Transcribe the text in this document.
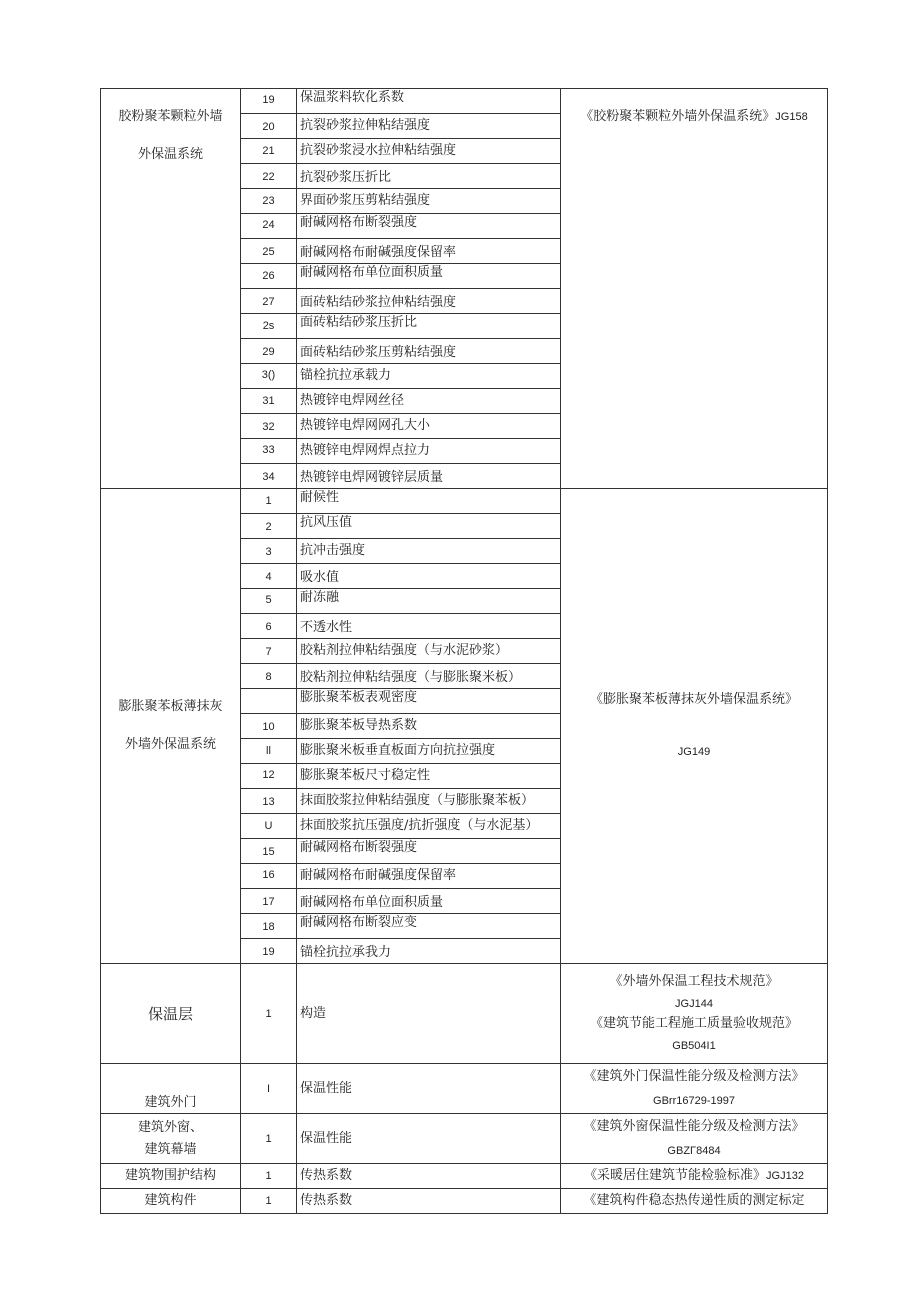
胶粉聚苯颗粒外墙
外保温系统	19	保温浆料软化系数	《胶粉聚苯颗粒外墙外保温系统》JG158
	20	抗裂砂浆拉伸粘结强度	
	21	抗裂砂浆浸水拉伸粘结强度	
	22	抗裂砂浆压折比	
	23	界面砂浆压剪粘结强度	
	24	耐碱网格布断裂强度	
	25	耐碱网格布耐碱强度保留率	
	26	耐碱网格布单位面积质量	
	27	面砖粘结砂浆拉伸粘结强度	
	2s	面砖粘结砂浆压折比	
	29	面砖粘结砂浆压剪粘结强度	
	3()	锚栓抗拉承载力	
	31	热镀锌电焊网丝径	
	32	热镀锌电焊网网孔大小	
	33	热镀锌电焊网焊点拉力	
	34	热镀锌电焊网镀锌层质量	
膨胀聚苯板薄抹灰
外墙外保温系统	1	耐候性	《膨胀聚苯板薄抹灰外墙保温系统》
JG149

	2	抗风压值	
	3	抗冲击强度	
	4	吸水值	
	5	耐冻融	
	6	不透水性	
	7	胶粘剂拉伸粘结强度（与水泥砂浆）	
	8	胶粘剂拉伸粘结强度（与膨胀聚米板）	
		膨胀聚苯板表观密度	
	10	膨胀聚苯板导热系数	
	ll	膨胀聚米板垂直板面方向抗拉强度	
	12	膨胀聚苯板尺寸稳定性	
	13	抹面胶浆拉伸粘结强度（与膨胀聚苯板）	
	U	抹面胶浆抗压强度/抗折强度（与水泥基）	
	15	耐碱网格布断裂强度	
	16	耐碱网格布耐碱强度保留率	
	17	耐碱网格布单位面积质量	
	18	耐碱网格布断裂应变	
	19	锚栓抗拉承我力	
保温层	1	构造	《外墙外保温工程技术规范》
JGJ144
《建筑节能工程施工质量验收规范》
GB504I1

建筑外门	I	保温性能	《建筑外门保温性能分级及检测方法》
GBrr16729-1997

建筑外窗、
建筑幕墙	1	保温性能	《建筑外窗保温性能分级及检测方法》
GBZΓ8484

建筑物围护结构	1	传热系数	《采暖居住建筑节能检验标准》JGJ132
建筑构件	1	传热系数	《建筑构件稳态热传递性质的测定标定
